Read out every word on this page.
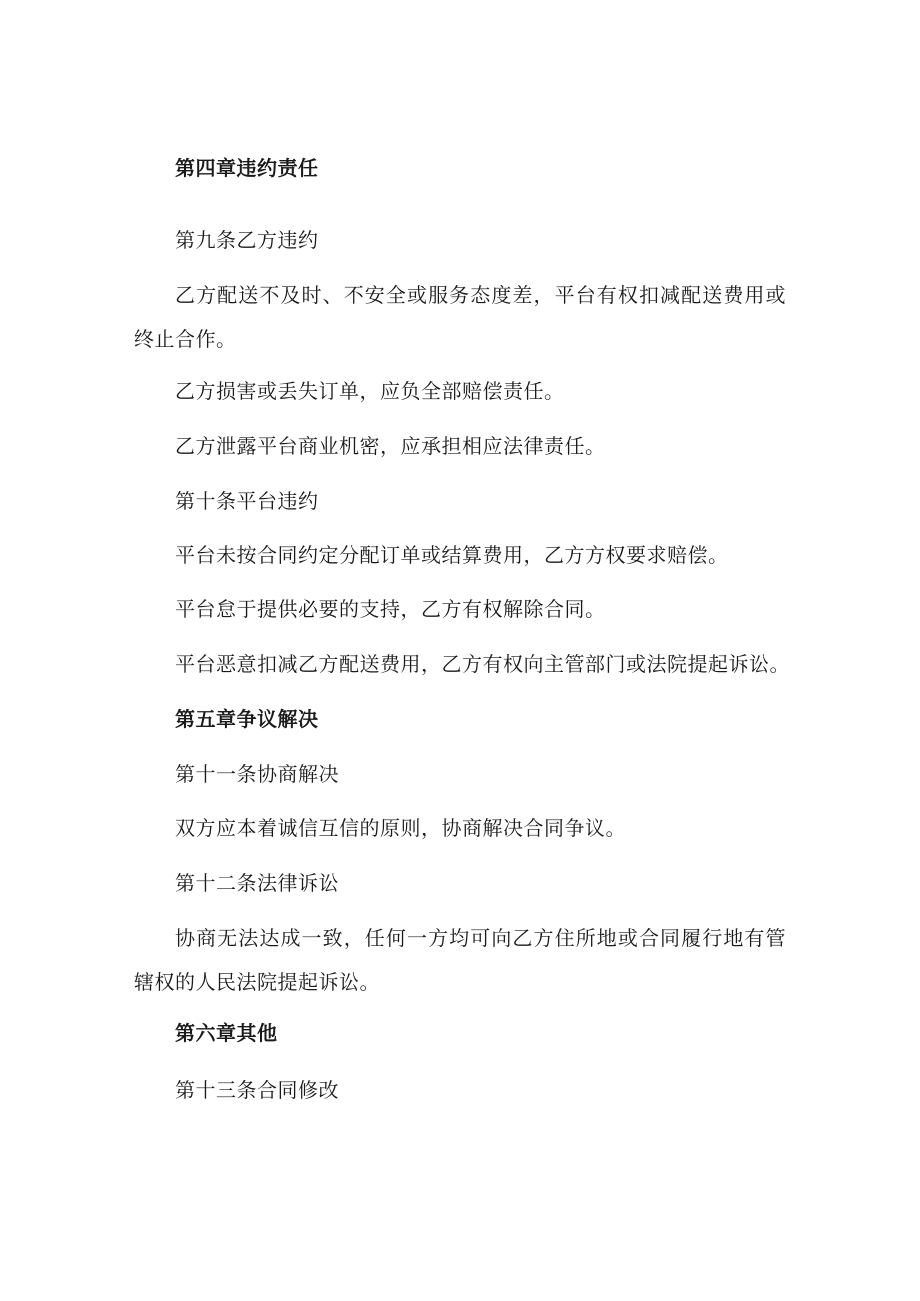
第四章违约责任
第九条乙方违约

乙方配送不及时、不安全或服务态度差，平台有权扣减配送费用或终止合作。

乙方损害或丢失订单，应负全部赔偿责任。

乙方泄露平台商业机密，应承担相应法律责任。

第十条平台违约

平台未按合同约定分配订单或结算费用，乙方方权要求赔偿。

平台怠于提供必要的支持，乙方有权解除合同。

平台恶意扣减乙方配送费用，乙方有权向主管部门或法院提起诉讼。

第五章争议解决
第十一条协商解决

双方应本着诚信互信的原则，协商解决合同争议。

第十二条法律诉讼

协商无法达成一致，任何一方均可向乙方住所地或合同履行地有管辖权的人民法院提起诉讼。

第六章其他
第十三条合同修改
